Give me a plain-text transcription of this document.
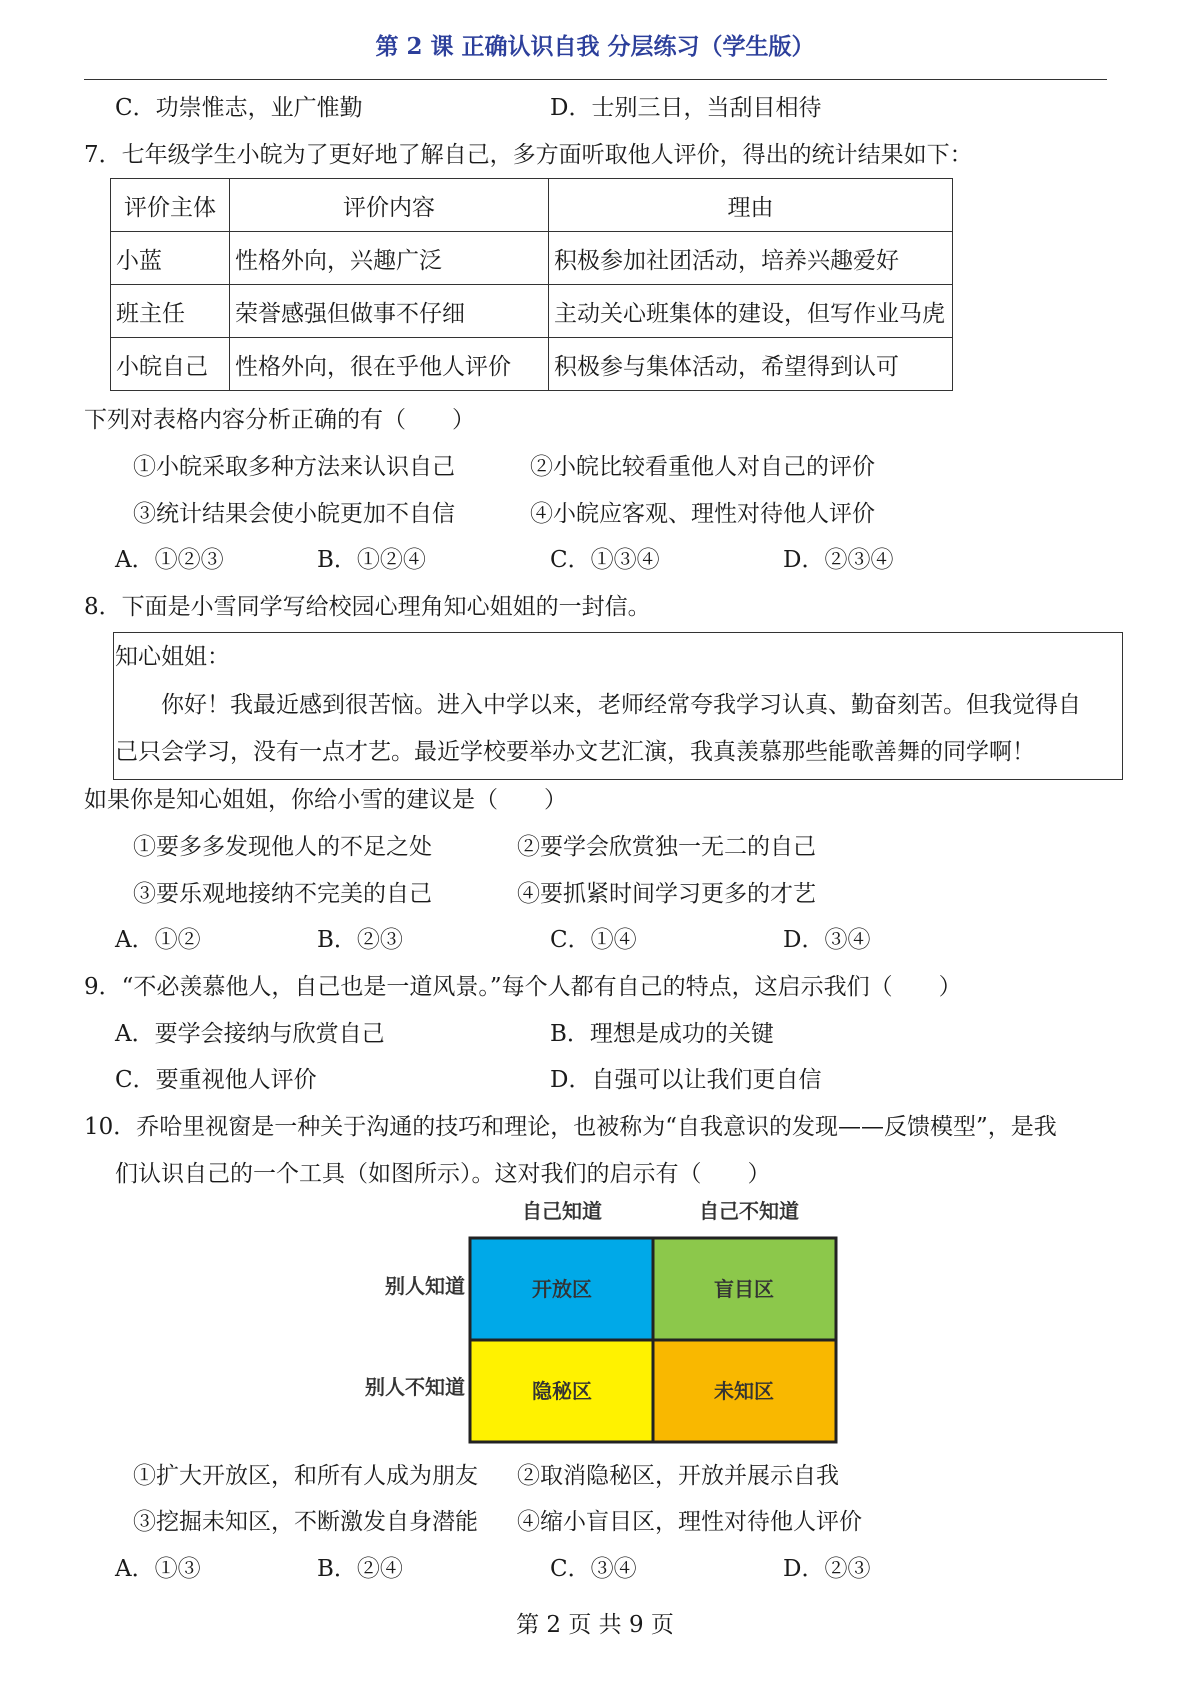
第 2 课 正确认识自我 分层练习（学生版）
C．功崇惟志，业广惟勤	D．士别三日，当刮目相待
7．七年级学生小皖为了更好地了解自己，多方面听取他人评价，得出的统计结果如下：
评价主体	评价内容	理由
小蓝	性格外向，兴趣广泛	积极参加社团活动，培养兴趣爱好
班主任	荣誉感强但做事不仔细	主动关心班集体的建设，但写作业马虎
小皖自己	性格外向，很在乎他人评价	积极参与集体活动，希望得到认可
下列对表格内容分析正确的有（　　）
①小皖采取多种方法来认识自己	②小皖比较看重他人对自己的评价
③统计结果会使小皖更加不自信	④小皖应客观、理性对待他人评价
A．①②③	B．①②④	C．①③④	D．②③④
8．下面是小雪同学写给校园心理角知心姐姐的一封信。
知心姐姐：
你好！我最近感到很苦恼。进入中学以来，老师经常夸我学习认真、勤奋刻苦。但我觉得自
己只会学习，没有一点才艺。最近学校要举办文艺汇演，我真羡慕那些能歌善舞的同学啊！
如果你是知心姐姐，你给小雪的建议是（　　）
①要多多发现他人的不足之处	②要学会欣赏独一无二的自己
③要乐观地接纳不完美的自己	④要抓紧时间学习更多的才艺
A．①②	B．②③	C．①④	D．③④
9．“不必羡慕他人，自己也是一道风景。”每个人都有自己的特点，这启示我们（　　）
A．要学会接纳与欣赏自己	B．理想是成功的关键
C．要重视他人评价	D．自强可以让我们更自信
10．乔哈里视窗是一种关于沟通的技巧和理论，也被称为“自我意识的发现——反馈模型”，是我
们认识自己的一个工具（如图所示）。这对我们的启示有（　　）
自己知道	自己不知道
别人知道
别人不知道
开放区	盲目区
隐秘区	未知区
①扩大开放区，和所有人成为朋友 ②取消隐秘区，开放并展示自我
③挖掘未知区，不断激发自身潜能 ④缩小盲目区，理性对待他人评价
A．①③	B．②④	C．③④	D．②③
第 2 页 共 9 页
